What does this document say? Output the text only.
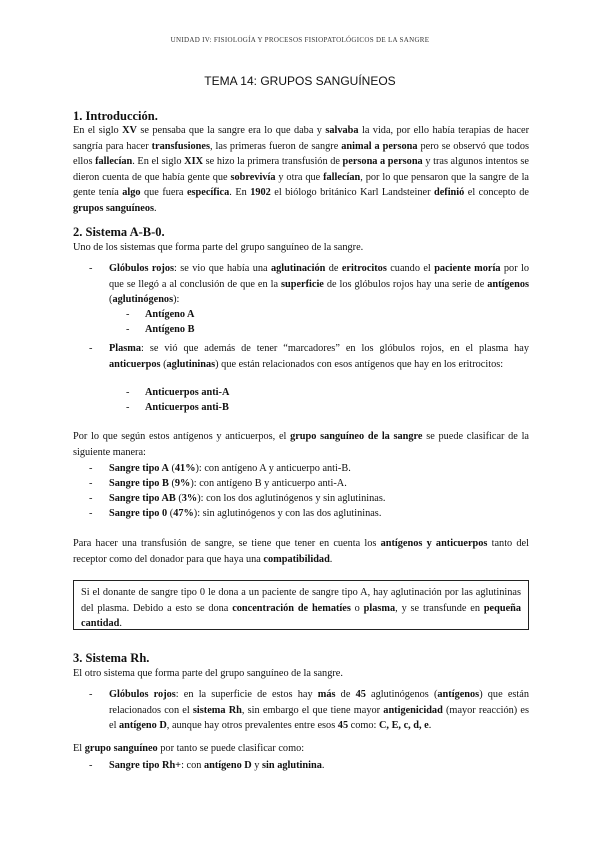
UNIDAD IV: FISIOLOGÍA Y PROCESOS FISIOPATOLÓGICOS DE LA SANGRE
TEMA 14: GRUPOS SANGUÍNEOS
1. Introducción.
En el siglo XV se pensaba que la sangre era lo que daba y salvaba la vida, por ello había terapias de hacer sangría para hacer transfusiones, las primeras fueron de sangre animal a persona pero se observó que todos ellos fallecían. En el siglo XIX se hizo la primera transfusión de persona a persona y tras algunos intentos se dieron cuenta de que había gente que sobrevivía y otra que fallecían, por lo que pensaron que la sangre de la gente tenía algo que fuera específica. En 1902 el biólogo británico Karl Landsteiner definió el concepto de grupos sanguíneos.
2. Sistema A-B-0.
Uno de los sistemas que forma parte del grupo sanguíneo de la sangre.
- Glóbulos rojos: se vio que había una aglutinación de eritrocitos cuando el paciente moría por lo que se llegó a al conclusión de que en la superficie de los glóbulos rojos hay una serie de antígenos (aglutinógenos):
- Antígeno A
- Antígeno B
- Plasma: se vió que además de tener “marcadores” en los glóbulos rojos, en el plasma hay anticuerpos (aglutininas) que están relacionados con esos antígenos que hay en los eritrocitos:
- Anticuerpos anti-A
- Anticuerpos anti-B
Por lo que según estos antígenos y anticuerpos, el grupo sanguíneo de la sangre se puede clasificar de la siguiente manera:
- Sangre tipo A (41%): con antígeno A y anticuerpo anti-B.
- Sangre tipo B (9%): con antígeno B y anticuerpo anti-A.
- Sangre tipo AB (3%): con los dos aglutinógenos y sin aglutininas.
- Sangre tipo 0 (47%): sin aglutinógenos y con las dos aglutininas.
Para hacer una transfusión de sangre, se tiene que tener en cuenta los antígenos y anticuerpos tanto del receptor como del donador para que haya una compatibilidad.
Si el donante de sangre tipo 0 le dona a un paciente de sangre tipo A, hay aglutinación por las aglutininas del plasma. Debido a esto se dona concentración de hematíes o plasma, y se transfunde en pequeña cantidad.
3. Sistema Rh.
El otro sistema que forma parte del grupo sanguíneo de la sangre.
- Glóbulos rojos: en la superficie de estos hay más de 45 aglutinógenos (antígenos) que están relacionados con el sistema Rh, sin embargo el que tiene mayor antigenicidad (mayor reacción) es el antígeno D, aunque hay otros prevalentes entre esos 45 como: C, E, c, d, e.
El grupo sanguíneo por tanto se puede clasificar como:
- Sangre tipo Rh+: con antígeno D y sin aglutinina.
